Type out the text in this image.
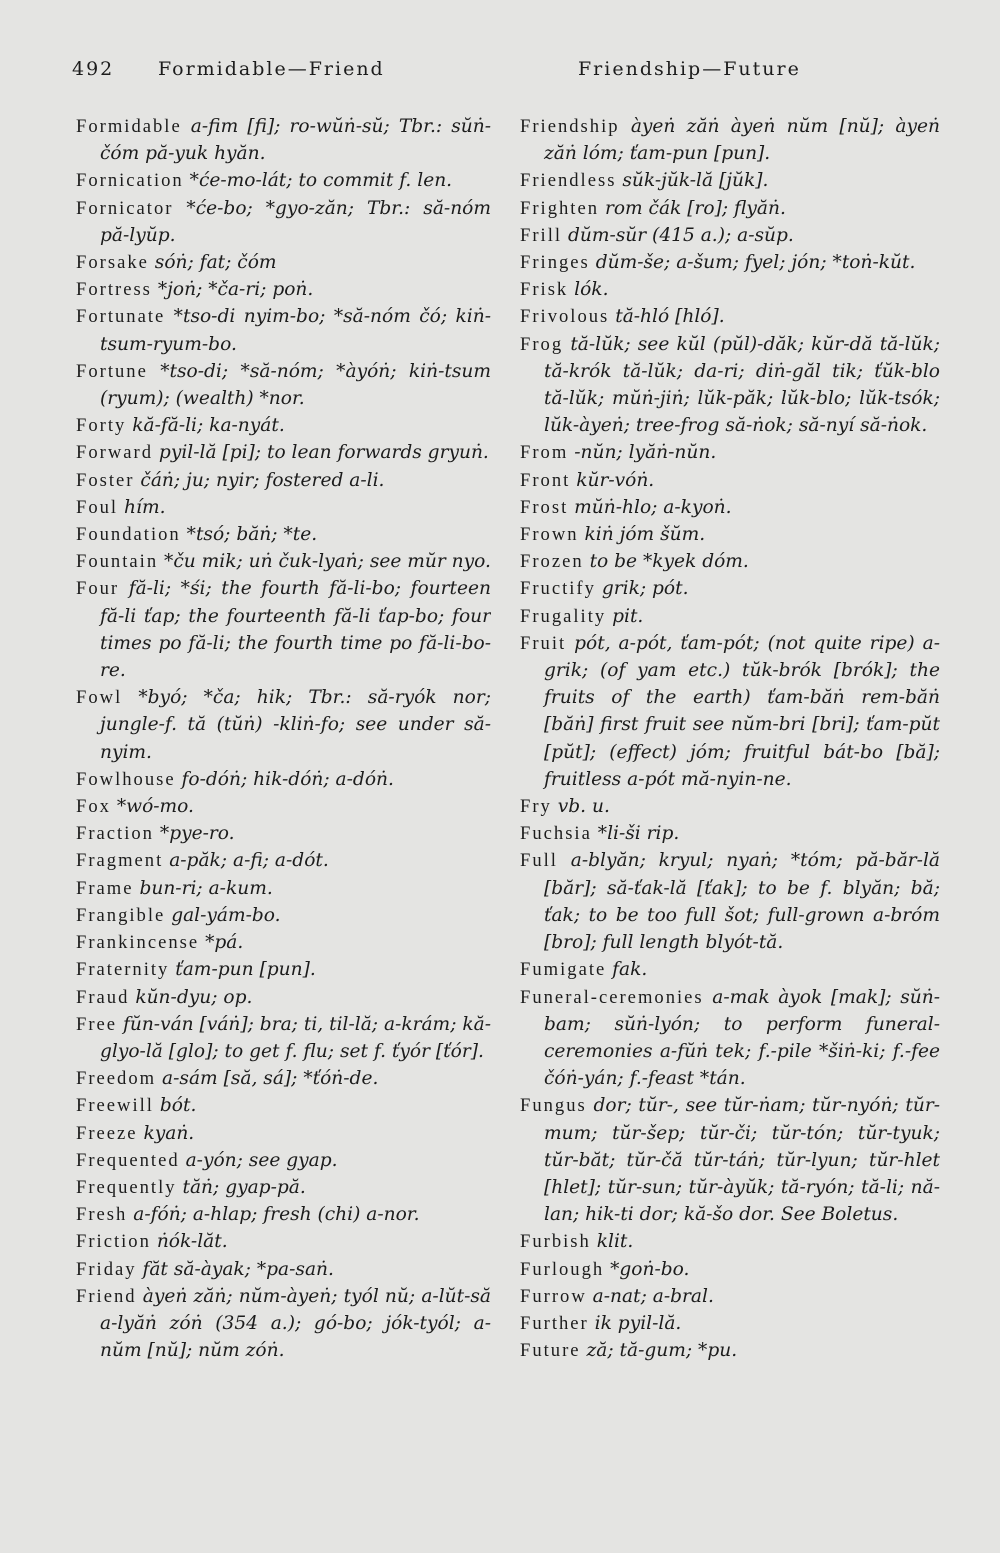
492 Formidable—Friend	Friendship—Future

Formidable a-fim [fi]; ro-wŭṅ-sŭ; Tbr.: sŭṅ-čóm pă-yuk hyăn.

Fornication *će-mo-lát; to commit f. len.

Fornicator *će-bo; *gyo-zăn; Tbr.: să-nóm pă-lyŭp.

Forsake sóṅ; fat; čóm

Fortress *joṅ; *ča-ri; poṅ.

Fortunate *tso-di nyim-bo; *să-nóm čó; kiṅ-tsum-ryum-bo.

Fortune *tso-di; *să-nóm; *àyóṅ; kiṅ-tsum (ryum); (wealth) *nor.

Forty kă-fă-li; ka-nyát.

Forward pyil-lă [pi]; to lean forwards gryuṅ.

Foster čáṅ; ju; nyir; fostered a-li.

Foul hím.

Foundation *tsó; băṅ; *te.

Fountain *ču mik; uṅ čuk-lyaṅ; see mŭr nyo.

Four fă-li; *śi; the fourth fă-li-bo; fourteen fă-li ťap; the fourteenth fă-li ťap-bo; four times po fă-li; the fourth time po fă-li-bo-re.

Fowl *byó; *ča; hik; Tbr.: să-ryók nor; jungle-f. tă (tŭṅ) -kliṅ-fo; see under să-nyim.

Fowlhouse fo-dóṅ; hik-dóṅ; a-dóṅ.

Fox *wó-mo.

Fraction *pye-ro.

Fragment a-păk; a-fi; a-dót.

Frame bun-ri; a-kum.

Frangible gal-yám-bo.

Frankincense *pá.

Fraternity ťam-pun [pun].

Fraud kŭn-dyu; op.

Free fŭn-ván [váṅ]; bra; ti, til-lă; a-krám; kă-glyo-lă [glo]; to get f. flu; set f. ťyór [ťór].

Freedom a-sám [să, sá]; *ťóṅ-de.

Freewill bót.

Freeze kyaṅ.

Frequented a-yón; see gyap.

Frequently tăṅ; gyap-pă.

Fresh a-fóṅ; a-hlap; fresh (chi) a-nor.

Friction ṅók-lăt.

Friday făt să-àyak; *pa-saṅ.

Friend àyeṅ zăṅ; nŭm-àyeṅ; tyól nŭ; a-lŭt-să a-lyăṅ zóṅ (354 a.); gó-bo; jók-tyól; a-nŭm [nŭ]; nŭm zóṅ.

Friendship àyeṅ zăṅ àyeṅ nŭm [nŭ]; àyeṅ zăṅ lóm; ťam-pun [pun].

Friendless sŭk-jŭk-lă [jŭk].

Frighten rom čák [ro]; flyăṅ.

Frill dŭm-sŭr (415 a.); a-sŭp.

Fringes dŭm-še; a-šum; fyel; jón; *toṅ-kŭt.

Frisk lók.

Frivolous tă-hló [hló].

Frog tă-lŭk; see kŭl (pŭl)-dăk; kŭr-dă tă-lŭk; tă-krók tă-lŭk; da-ri; diṅ-găl tik; ťŭk-blo tă-lŭk; mŭṅ-jiṅ; lŭk-păk; lŭk-blo; lŭk-tsók; lŭk-àyeṅ; tree-frog să-ṅok; să-nyí să-ṅok.

From -nŭn; lyăṅ-nŭn.

Front kŭr-vóṅ.

Frost mŭṅ-hlo; a-kyoṅ.

Frown kiṅ jóm šŭm.

Frozen to be *kyek dóm.

Fructify grik; pót.

Frugality pit.

Fruit pót, a-pót, ťam-pót; (not quite ripe) a-grik; (of yam etc.) tŭk-brók [brók]; the fruits of the earth) ťam-băṅ rem-băṅ [băṅ] first fruit see nŭm-bri [bri]; ťam-pŭt [pŭt]; (effect) jóm; fruitful bát-bo [bă]; fruitless a-pót mă-nyin-ne.

Fry vb. u.

Fuchsia *li-ši rip.

Full a-blyăn; kryul; nyaṅ; *tóm; pă-băr-lă [băr]; să-ťak-lă [ťak]; to be f. blyăn; bă; ťak; to be too full šot; full-grown a-bróm [bro]; full length blyót-tă.

Fumigate fak.

Funeral-ceremonies a-mak àyok [mak]; sŭṅ-bam; sŭṅ-lyón; to perform funeral-ceremonies a-fŭṅ tek; f.-pile *šiṅ-ki; f.-fee čóṅ-yán; f.-feast *tán.

Fungus dor; tŭr-, see tŭr-ṅam; tŭr-nyóṅ; tŭr-mum; tŭr-šep; tŭr-či; tŭr-tón; tŭr-tyuk; tŭr-băt; tŭr-čă tŭr-táṅ; tŭr-lyun; tŭr-hlet [hlet]; tŭr-sun; tŭr-àyŭk; tă-ryón; tă-li; nă-lan; hik-ti dor; kă-šo dor. See Boletus.

Furbish klit.

Furlough *goṅ-bo.

Furrow a-nat; a-bral.

Further ik pyil-lă.

Future ză; tă-gum; *pu.
